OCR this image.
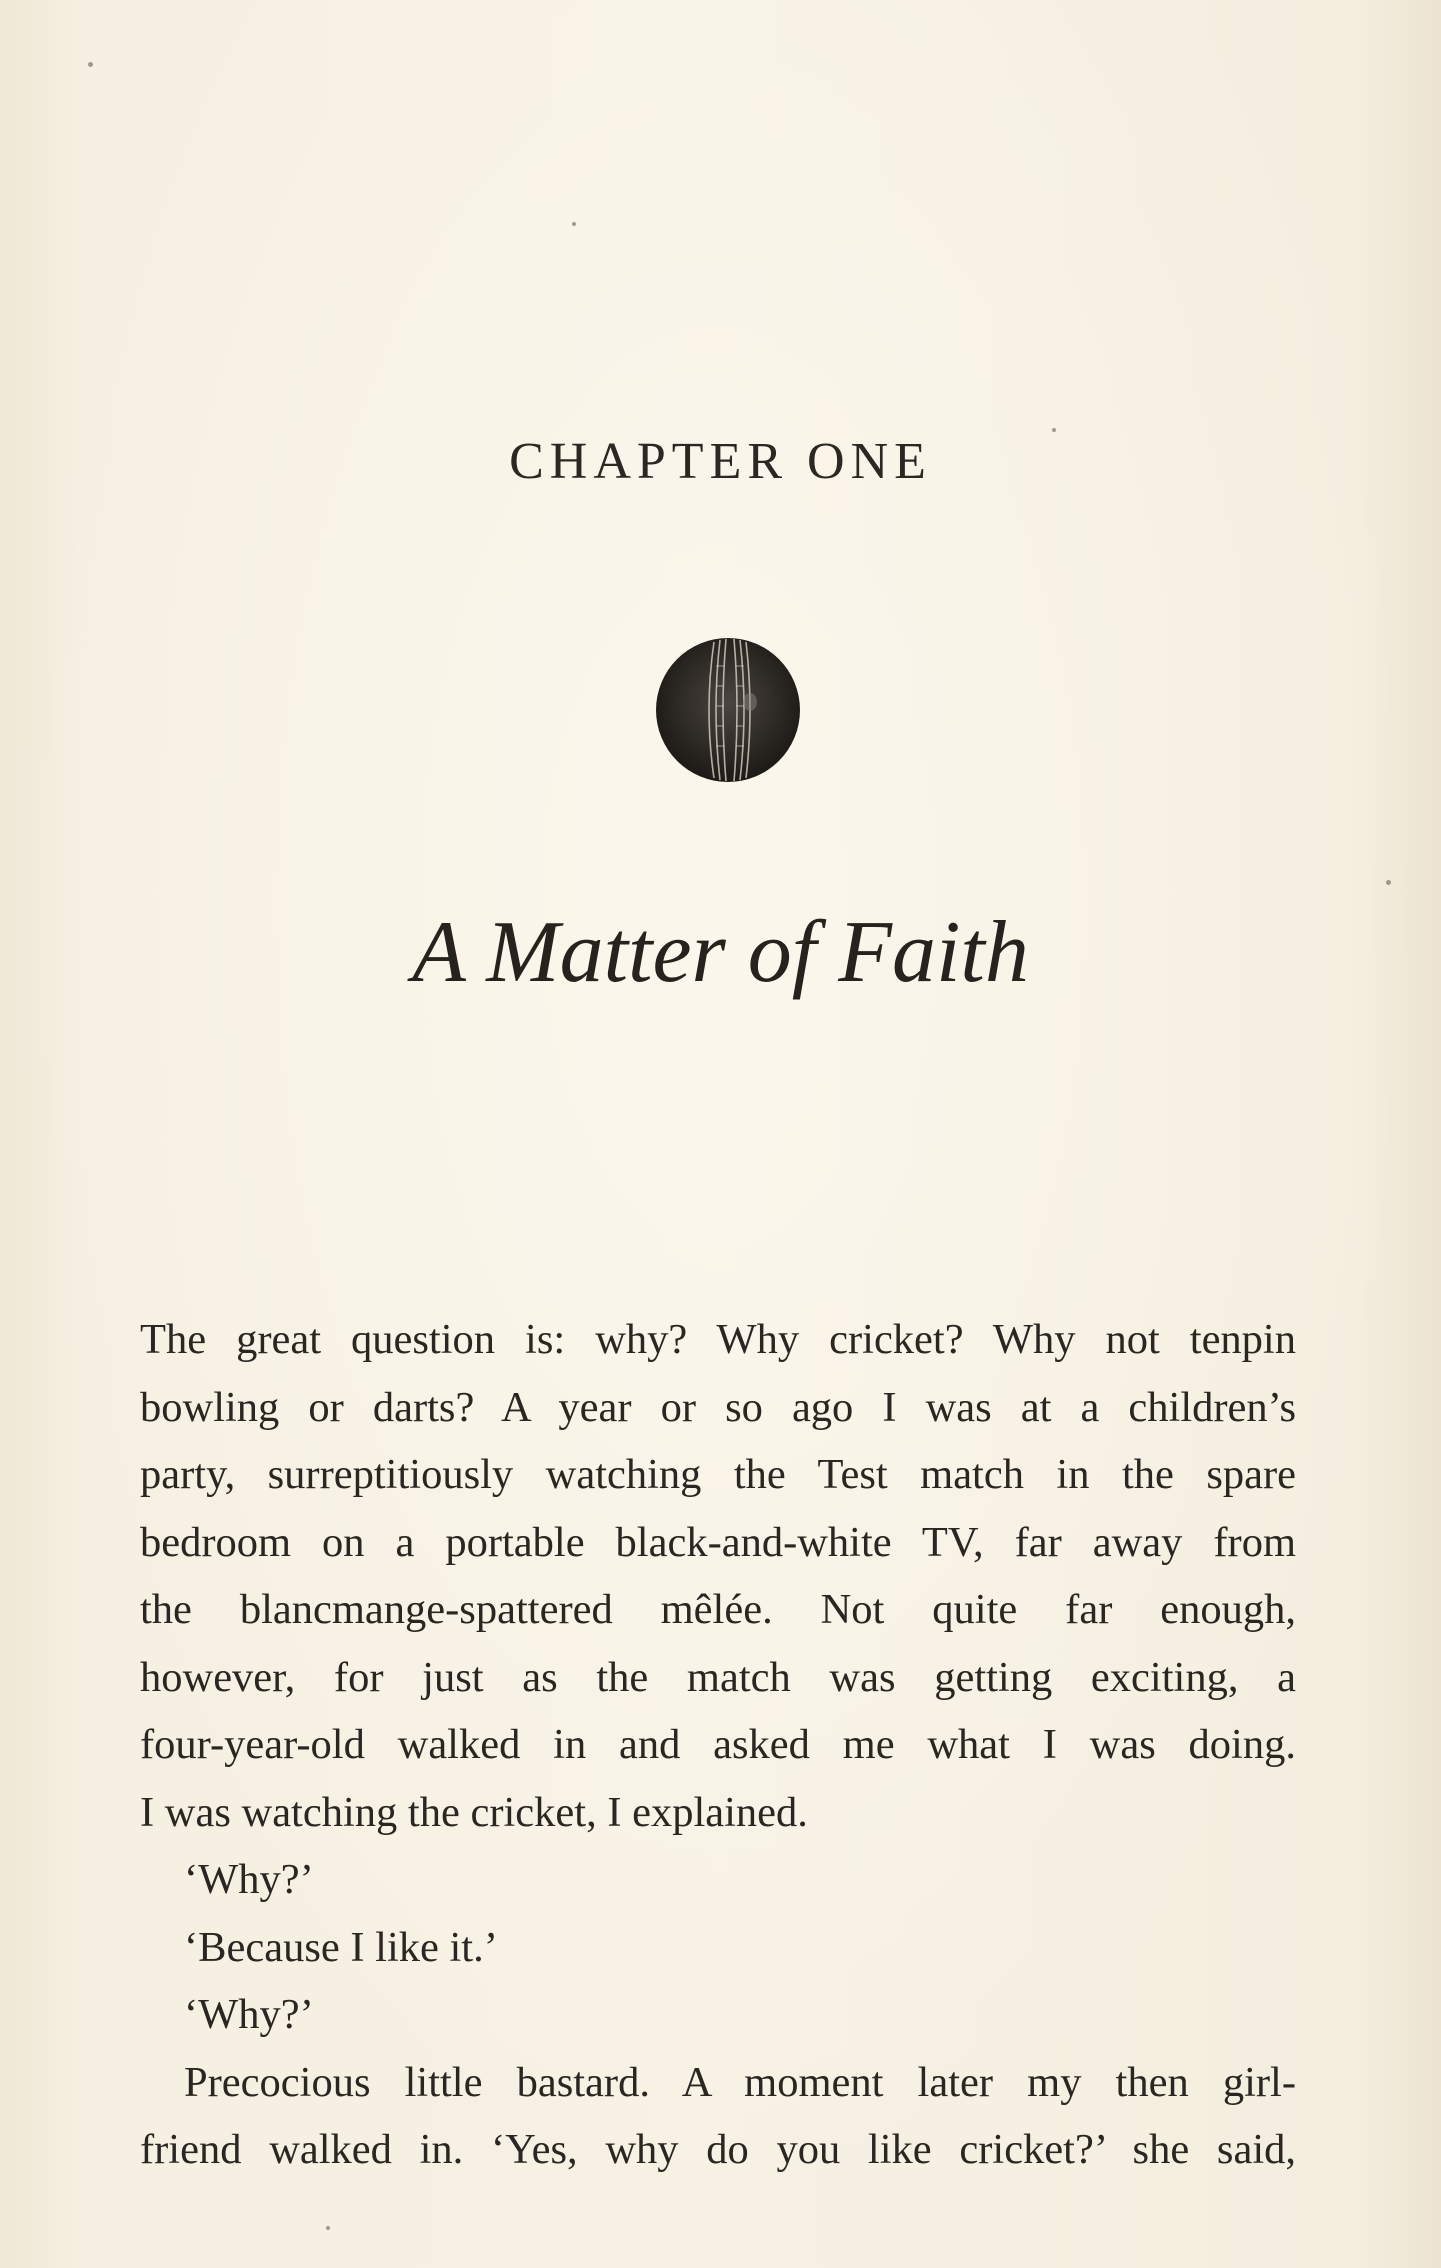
CHAPTER ONE
A Matter of Faith

The great question is: why? Why cricket? Why not tenpin

bowling or darts? A year or so ago I was at a children’s

party, surreptitiously watching the Test match in the spare

bedroom on a portable black-and-white TV, far away from

the blancmange-spattered mêlée. Not quite far enough,

however, for just as the match was getting exciting, a

four-year-old walked in and asked me what I was doing.

I was watching the cricket, I explained.

‘Why?’

‘Because I like it.’

‘Why?’

Precocious little bastard. A moment later my then girl-

friend walked in. ‘Yes, why do you like cricket?’ she said,
